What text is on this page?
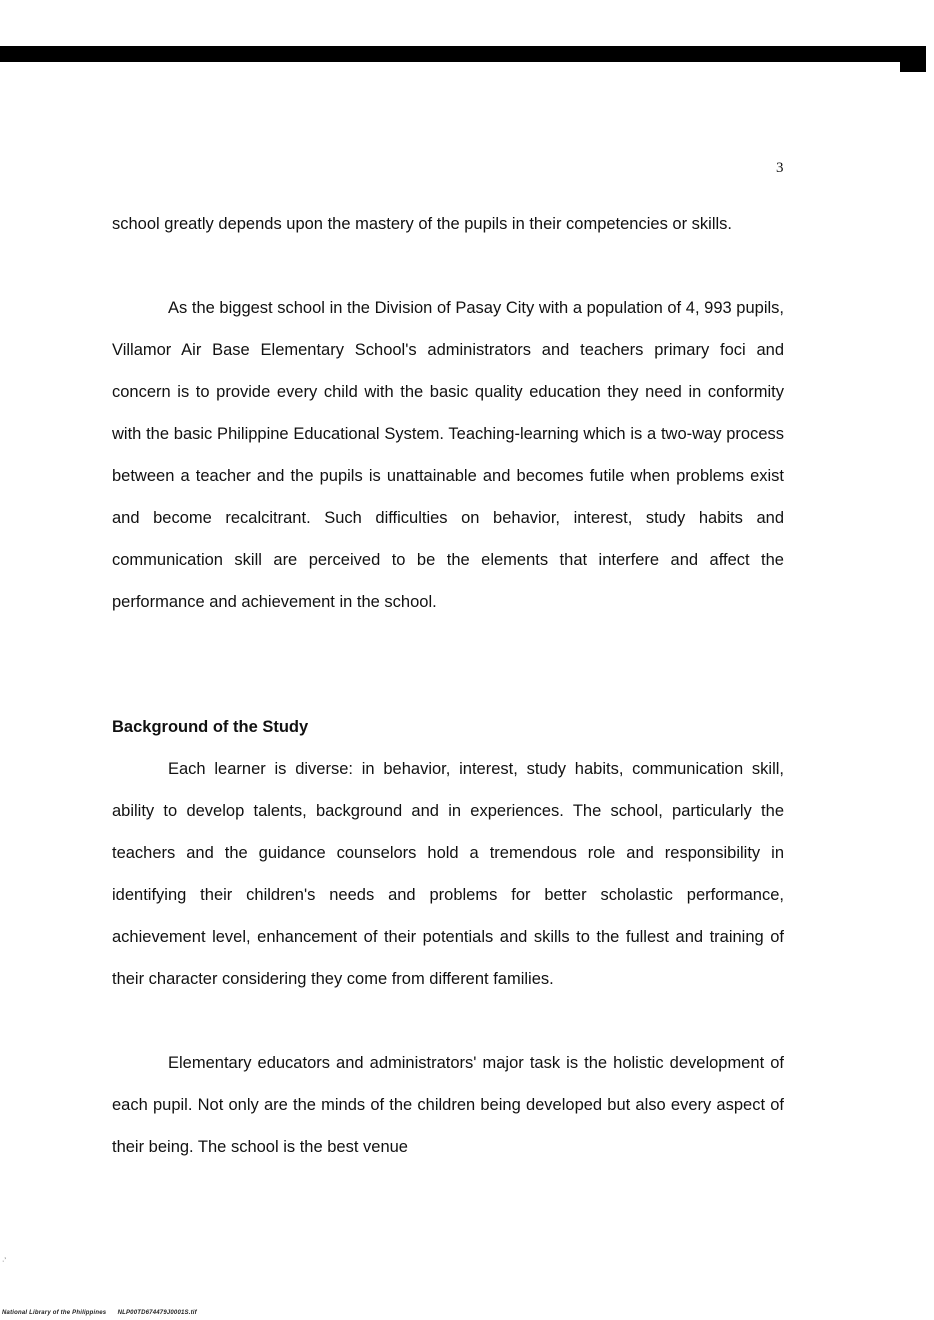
3

school greatly depends upon the mastery of the pupils in their competencies or skills.

As the biggest school in the Division of Pasay City with a population of 4, 993 pupils, Villamor Air Base Elementary School's administrators and teachers primary foci and concern is to provide every child with the basic quality education they need in conformity with the basic Philippine Educational System. Teaching-learning which is a two-way process between a teacher and the pupils is unattainable and becomes futile when problems exist and become recalcitrant. Such difficulties on behavior, interest, study habits and communication skill are perceived to be the elements that interfere and affect the performance and achievement in the school.

Background of the Study

Each learner is diverse: in behavior, interest, study habits, communication skill, ability to develop talents, background and in experiences. The school, particularly the teachers and the guidance counselors hold a tremendous role and responsibility in identifying their children's needs and problems for better scholastic performance, achievement level, enhancement of their potentials and skills to the fullest and training of their character considering they come from different families.

Elementary educators and administrators' major task is the holistic development of each pupil. Not only are the minds of the children being developed but also every aspect of their being. The school is the best venue

·ʼ
National Library of the Philippines NLP00TD674479J0001S.tif
